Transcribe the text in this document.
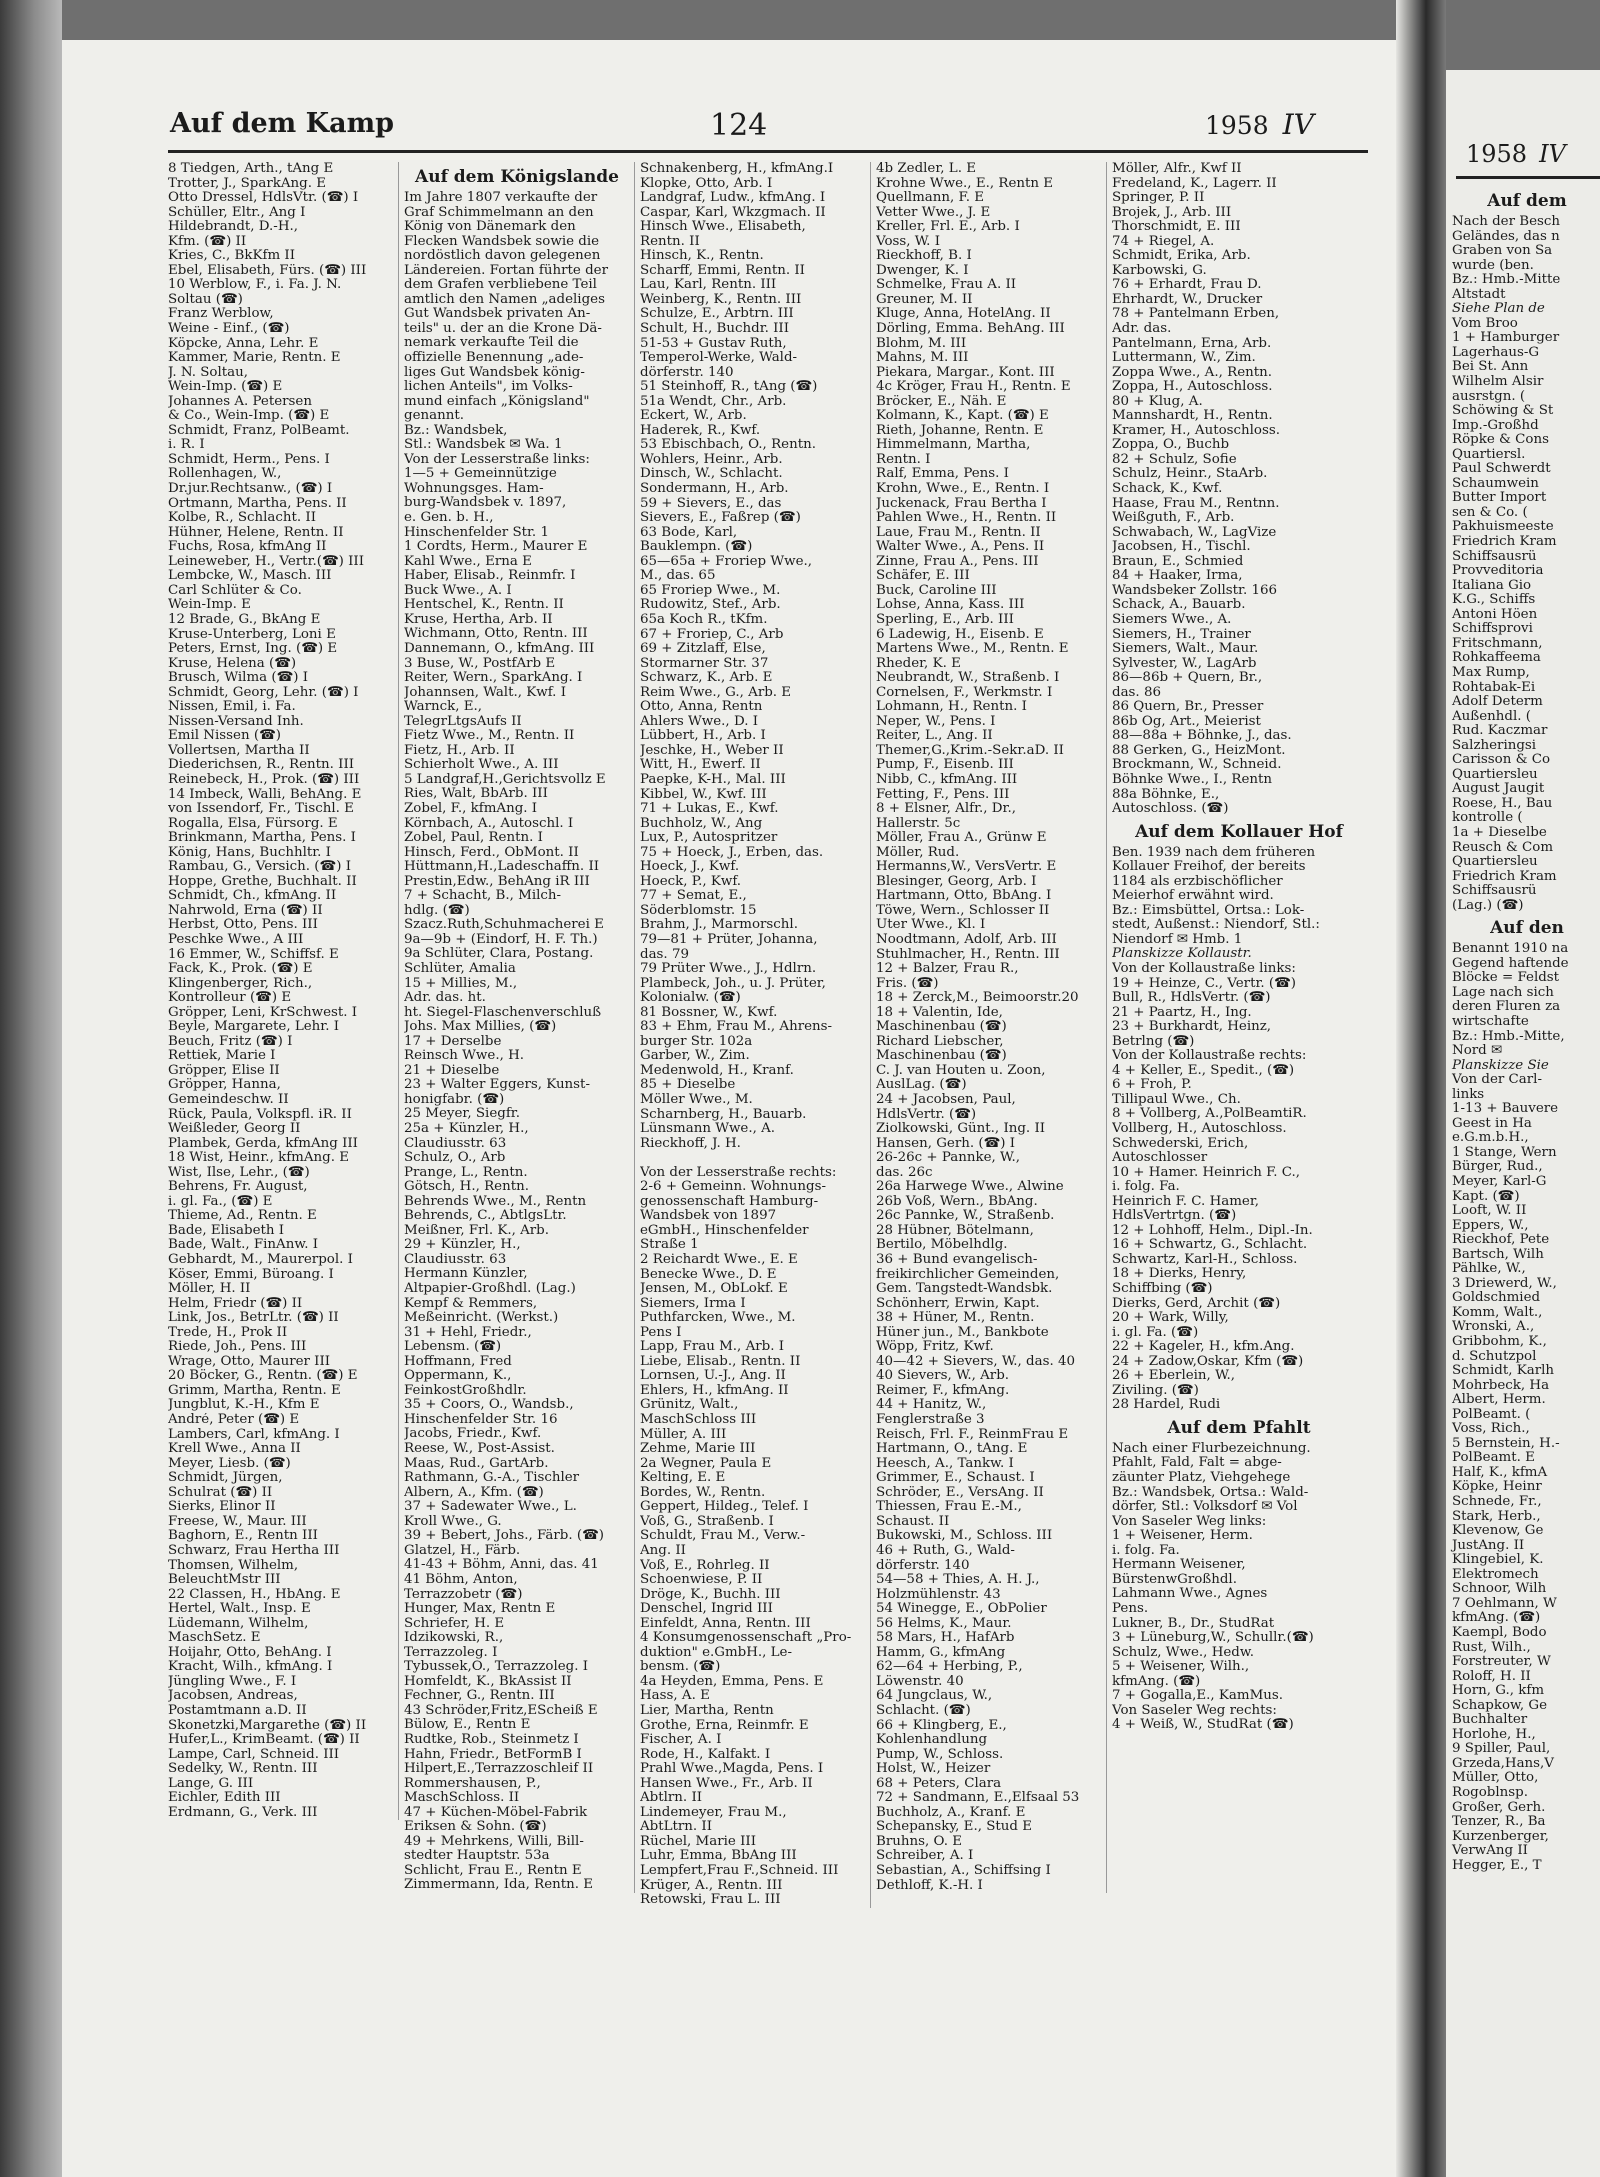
Auf dem Kamp	124	1958 IV
8 Tiedgen, Arth., tAng E
Trotter, J., SparkAng. E
Otto Dressel, HdlsVtr. (☎) I
Schüller, Eltr., Ang I
Hildebrandt, D.-H.,
Kfm. (☎) II
Kries, C., BkKfm II
Ebel, Elisabeth, Fürs. (☎) III
10 Werblow, F., i. Fa. J. N.
Soltau (☎)
Franz Werblow,
Weine - Einf., (☎)
Köpcke, Anna, Lehr. E
Kammer, Marie, Rentn. E
J. N. Soltau,
Wein-Imp. (☎) E
Johannes A. Petersen
& Co., Wein-Imp. (☎) E
Schmidt, Franz, PolBeamt.
i. R. I
Schmidt, Herm., Pens. I
Rollenhagen, W.,
Dr.jur.Rechtsanw., (☎) I
Ortmann, Martha, Pens. II
Kolbe, R., Schlacht. II
Hühner, Helene, Rentn. II
Fuchs, Rosa, kfmAng II
Leineweber, H., Vertr.(☎) III
Lembcke, W., Masch. III
Carl Schlüter & Co.
Wein-Imp. E
12 Brade, G., BkAng E
Kruse-Unterberg, Loni E
Peters, Ernst, Ing. (☎) E
Kruse, Helena (☎)
Brusch, Wilma (☎) I
Schmidt, Georg, Lehr. (☎) I
Nissen, Emil, i. Fa.
Nissen-Versand Inh.
Emil Nissen (☎)
Vollertsen, Martha II
Diederichsen, R., Rentn. III
Reinebeck, H., Prok. (☎) III
14 Imbeck, Walli, BehAng. E
von Issendorf, Fr., Tischl. E
Rogalla, Elsa, Fürsorg. E
Brinkmann, Martha, Pens. I
König, Hans, Buchhltr. I
Rambau, G., Versich. (☎) I
Hoppe, Grethe, Buchhalt. II
Schmidt, Ch., kfmAng. II
Nahrwold, Erna (☎) II
Herbst, Otto, Pens. III
Peschke Wwe., A III
16 Emmer, W., Schiffsf. E
Fack, K., Prok. (☎) E
Klingenberger, Rich.,
Kontrolleur (☎) E
Gröpper, Leni, KrSchwest. I
Beyle, Margarete, Lehr. I
Beuch, Fritz (☎) I
Rettiek, Marie I
Gröpper, Elise II
Gröpper, Hanna,
Gemeindeschw. II
Rück, Paula, Volkspfl. iR. II
Weißleder, Georg II
Plambek, Gerda, kfmAng III
18 Wist, Heinr., kfmAng. E
Wist, Ilse, Lehr., (☎)
Behrens, Fr. August,
i. gl. Fa., (☎) E
Thieme, Ad., Rentn. E
Bade, Elisabeth I
Bade, Walt., FinAnw. I
Gebhardt, M., Maurerpol. I
Köser, Emmi, Büroang. I
Möller, H. II
Helm, Friedr (☎) II
Link, Jos., BetrLtr. (☎) II
Trede, H., Prok II
Riede, Joh., Pens. III
Wrage, Otto, Maurer III
20 Böcker, G., Rentn. (☎) E
Grimm, Martha, Rentn. E
Jungblut, K.-H., Kfm E
André, Peter (☎) E
Lambers, Carl, kfmAng. I
Krell Wwe., Anna II
Meyer, Liesb. (☎)
Schmidt, Jürgen,
Schulrat (☎) II
Sierks, Elinor II
Freese, W., Maur. III
Baghorn, E., Rentn III
Schwarz, Frau Hertha III
Thomsen, Wilhelm,
BeleuchtMstr III
22 Classen, H., HbAng. E
Hertel, Walt., Insp. E
Lüdemann, Wilhelm,
MaschSetz. E
Hoijahr, Otto, BehAng. I
Kracht, Wilh., kfmAng. I
Jüngling Wwe., F. I
Jacobsen, Andreas,
Postamtmann a.D. II
Skonetzki,Margarethe (☎) II
Hufer,L., KrimBeamt. (☎) II
Lampe, Carl, Schneid. III
Sedelky, W., Rentn. III
Lange, G. III
Eichler, Edith III
Erdmann, G., Verk. III
Auf dem Königslande
Im Jahre 1807 verkaufte der
Graf Schimmelmann an den
König von Dänemark den
Flecken Wandsbek sowie die
nordöstlich davon gelegenen
Ländereien. Fortan führte der
dem Grafen verbliebene Teil
amtlich den Namen „adeliges
Gut Wandsbek privaten An-
teils" u. der an die Krone Dä-
nemark verkaufte Teil die
offizielle Benennung „ade-
liges Gut Wandsbek könig-
lichen Anteils", im Volks-
mund einfach „Königsland"
genannt.
Bz.: Wandsbek,
Stl.: Wandsbek ✉ Wa. 1
Von der Lesserstraße links:
1—5 + Gemeinnützige
Wohnungsges. Ham-
burg-Wandsbek v. 1897,
e. Gen. b. H.,
Hinschenfelder Str. 1
1 Cordts, Herm., Maurer E
Kahl Wwe., Erna E
Haber, Elisab., Reinmfr. I
Buck Wwe., A. I
Hentschel, K., Rentn. II
Kruse, Hertha, Arb. II
Wichmann, Otto, Rentn. III
Dannemann, O., kfmAng. III
3 Buse, W., PostfArb E
Reiter, Wern., SparkAng. I
Johannsen, Walt., Kwf. I
Warnck, E.,
TelegrLtgsAufs II
Fietz Wwe., M., Rentn. II
Fietz, H., Arb. II
Schierholt Wwe., A. III
5 Landgraf,H.,Gerichtsvollz E
Ries, Walt, BbArb. III
Zobel, F., kfmAng. I
Körnbach, A., Autoschl. I
Zobel, Paul, Rentn. I
Hinsch, Ferd., ObMont. II
Hüttmann,H.,Ladeschaffn. II
Prestin,Edw., BehAng iR III
7 + Schacht, B., Milch-
hdlg. (☎)
Szacz.Ruth,Schuhmacherei E
9a—9b + (Eindorf, H. F. Th.)
9a Schlüter, Clara, Postang.
Schlüter, Amalia
15 + Millies, M.,
Adr. das. ht.
ht. Siegel-Flaschenverschluß
Johs. Max Millies, (☎)
17 + Derselbe
Reinsch Wwe., H.
21 + Dieselbe
23 + Walter Eggers, Kunst-
honigfabr. (☎)
25 Meyer, Siegfr.
25a + Künzler, H.,
Claudiusstr. 63
Schulz, O., Arb
Prange, L., Rentn.
Götsch, H., Rentn.
Behrends Wwe., M., Rentn
Behrends, C., AbtlgsLtr.
Meißner, Frl. K., Arb.
29 + Künzler, H.,
Claudiusstr. 63
Hermann Künzler,
Altpapier-Großhdl. (Lag.)
Kempf & Remmers,
Meßeinricht. (Werkst.)
31 + Hehl, Friedr.,
Lebensm. (☎)
Hoffmann, Fred
Oppermann, K.,
FeinkostGroßhdlr.
35 + Coors, O., Wandsb.,
Hinschenfelder Str. 16
Jacobs, Friedr., Kwf.
Reese, W., Post-Assist.
Maas, Rud., GartArb.
Rathmann, G.-A., Tischler
Albern, A., Kfm. (☎)
37 + Sadewater Wwe., L.
Kroll Wwe., G.
39 + Bebert, Johs., Färb. (☎)
Glatzel, H., Färb.
41-43 + Böhm, Anni, das. 41
41 Böhm, Anton,
Terrazzobetr (☎)
Hunger, Max, Rentn E
Schriefer, H. E
Idzikowski, R.,
Terrazzoleg. I
Tybussek,O., Terrazzoleg. I
Homfeldt, K., BkAssist II
Fechner, G., Rentn. III
43 Schröder,Fritz,EScheiß E
Bülow, E., Rentn E
Rudtke, Rob., Steinmetz I
Hahn, Friedr., BetFormB I
Hilpert,E.,Terrazzoschleif II
Rommershausen, P.,
MaschSchloss. II
47 + Küchen-Möbel-Fabrik
Eriksen & Sohn. (☎)
49 + Mehrkens, Willi, Bill-
stedter Hauptstr. 53a
Schlicht, Frau E., Rentn E
Zimmermann, Ida, Rentn. E
Schnakenberg, H., kfmAng.I
Klopke, Otto, Arb. I
Landgraf, Ludw., kfmAng. I
Caspar, Karl, Wkzgmach. II
Hinsch Wwe., Elisabeth,
Rentn. II
Hinsch, K., Rentn.
Scharff, Emmi, Rentn. II
Lau, Karl, Rentn. III
Weinberg, K., Rentn. III
Schulze, E., Arbtrn. III
Schult, H., Buchdr. III
51-53 + Gustav Ruth,
Temperol-Werke, Wald-
dörferstr. 140
51 Steinhoff, R., tAng (☎)
51a Wendt, Chr., Arb.
Eckert, W., Arb.
Haderek, R., Kwf.
53 Ebischbach, O., Rentn.
Wohlers, Heinr., Arb.
Dinsch, W., Schlacht.
Sondermann, H., Arb.
59 + Sievers, E., das
Sievers, E., Faßrep (☎)
63 Bode, Karl,
Bauklempn. (☎)
65—65a + Froriep Wwe.,
M., das. 65
65 Froriep Wwe., M.
Rudowitz, Stef., Arb.
65a Koch R., tKfm.
67 + Froriep, C., Arb
69 + Zitzlaff, Else,
Stormarner Str. 37
Schwarz, K., Arb. E
Reim Wwe., G., Arb. E
Otto, Anna, Rentn
Ahlers Wwe., D. I
Lübbert, H., Arb. I
Jeschke, H., Weber II
Witt, H., Ewerf. II
Paepke, K-H., Mal. III
Kibbel, W., Kwf. III
71 + Lukas, E., Kwf.
Buchholz, W., Ang
Lux, P., Autospritzer
75 + Hoeck, J., Erben, das.
Hoeck, J., Kwf.
Hoeck, P., Kwf.
77 + Semat, E.,
Söderblomstr. 15
Brahm, J., Marmorschl.
79—81 + Prüter, Johanna,
das. 79
79 Prüter Wwe., J., Hdlrn.
Plambeck, Joh., u. J. Prüter,
Kolonialw. (☎)
81 Bossner, W., Kwf.
83 + Ehm, Frau M., Ahrens-
burger Str. 102a
Garber, W., Zim.
Medenwold, H., Kranf.
85 + Dieselbe
Möller Wwe., M.
Scharnberg, H., Bauarb.
Lünsmann Wwe., A.
Rieckhoff, J. H.

Von der Lesserstraße rechts:
2-6 + Gemeinn. Wohnungs-
genossenschaft Hamburg-
Wandsbek von 1897
eGmbH., Hinschenfelder
Straße 1
2 Reichardt Wwe., E. E
Benecke Wwe., D. E
Jensen, M., ObLokf. E
Siemers, Irma I
Puthfarcken, Wwe., M.
Pens I
Lapp, Frau M., Arb. I
Liebe, Elisab., Rentn. II
Lornsen, U.-J., Ang. II
Ehlers, H., kfmAng. II
Grünitz, Walt.,
MaschSchloss III
Müller, A. III
Zehme, Marie III
2a Wegner, Paula E
Kelting, E. E
Bordes, W., Rentn.
Geppert, Hildeg., Telef. I
Voß, G., Straßenb. I
Schuldt, Frau M., Verw.-
Ang. II
Voß, E., Rohrleg. II
Schoenwiese, P. II
Dröge, K., Buchh. III
Denschel, Ingrid III
Einfeldt, Anna, Rentn. III
4 Konsumgenossenschaft „Pro-
duktion" e.GmbH., Le-
bensm. (☎)
4a Heyden, Emma, Pens. E
Hass, A. E
Lier, Martha, Rentn
Grothe, Erna, Reinmfr. E
Fischer, A. I
Rode, H., Kalfakt. I
Prahl Wwe.,Magda, Pens. I
Hansen Wwe., Fr., Arb. II
Abtlrn. II
Lindemeyer, Frau M.,
AbtLtrn. II
Rüchel, Marie III
Luhr, Emma, BbAng III
Lempfert,Frau F.,Schneid. III
Krüger, A., Rentn. III
Retowski, Frau L. III
4b Zedler, L. E
Krohne Wwe., E., Rentn E
Quellmann, F. E
Vetter Wwe., J. E
Kreller, Frl. E., Arb. I
Voss, W. I
Rieckhoff, B. I
Dwenger, K. I
Schmelke, Frau A. II
Greuner, M. II
Kluge, Anna, HotelAng. II
Dörling, Emma. BehAng. III
Blohm, M. III
Mahns, M. III
Piekara, Margar., Kont. III
4c Kröger, Frau H., Rentn. E
Bröcker, E., Näh. E
Kolmann, K., Kapt. (☎) E
Rieth, Johanne, Rentn. E
Himmelmann, Martha,
Rentn. I
Ralf, Emma, Pens. I
Krohn, Wwe., E., Rentn. I
Juckenack, Frau Bertha I
Pahlen Wwe., H., Rentn. II
Laue, Frau M., Rentn. II
Walter Wwe., A., Pens. II
Zinne, Frau A., Pens. III
Schäfer, E. III
Buck, Caroline III
Lohse, Anna, Kass. III
Sperling, E., Arb. III
6 Ladewig, H., Eisenb. E
Martens Wwe., M., Rentn. E
Rheder, K. E
Neubrandt, W., Straßenb. I
Cornelsen, F., Werkmstr. I
Lohmann, H., Rentn. I
Neper, W., Pens. I
Reiter, L., Ang. II
Themer,G.,Krim.-Sekr.aD. II
Pump, F., Eisenb. III
Nibb, C., kfmAng. III
Fetting, F., Pens. III
8 + Elsner, Alfr., Dr.,
Hallerstr. 5c
Möller, Frau A., Grünw E
Möller, Rud.
Hermanns,W., VersVertr. E
Blesinger, Georg, Arb. I
Hartmann, Otto, BbAng. I
Töwe, Wern., Schlosser II
Uter Wwe., Kl. I
Noodtmann, Adolf, Arb. III
Stuhlmacher, H., Rentn. III
12 + Balzer, Frau R.,
Fris. (☎)
18 + Zerck,M., Beimoorstr.20
18 + Valentin, Ide,
Maschinenbau (☎)
Richard Liebscher,
Maschinenbau (☎)
C. J. van Houten u. Zoon,
AuslLag. (☎)
24 + Jacobsen, Paul,
HdlsVertr. (☎)
Ziolkowski, Günt., Ing. II
Hansen, Gerh. (☎) I
26-26c + Pannke, W.,
das. 26c
26a Harwege Wwe., Alwine
26b Voß, Wern., BbAng.
26c Pannke, W., Straßenb.
28 Hübner, Bötelmann,
Bertilo, Möbelhdlg.
36 + Bund evangelisch-
freikirchlicher Gemeinden,
Gem. Tangstedt-Wandsbk.
Schönherr, Erwin, Kapt.
38 + Hüner, M., Rentn.
Hüner jun., M., Bankbote
Wöpp, Fritz, Kwf.
40—42 + Sievers, W., das. 40
40 Sievers, W., Arb.
Reimer, F., kfmAng.
44 + Hanitz, W.,
Fenglerstraße 3
Reisch, Frl. F., ReinmFrau E
Hartmann, O., tAng. E
Heesch, A., Tankw. I
Grimmer, E., Schaust. I
Schröder, E., VersAng. II
Thiessen, Frau E.-M.,
Schaust. II
Bukowski, M., Schloss. III
46 + Ruth, G., Wald-
dörferstr. 140
54—58 + Thies, A. H. J.,
Holzmühlenstr. 43
54 Winegge, E., ObPolier
56 Helms, K., Maur.
58 Mars, H., HafArb
Hamm, G., kfmAng
62—64 + Herbing, P.,
Löwenstr. 40
64 Jungclaus, W.,
Schlacht. (☎)
66 + Klingberg, E.,
Kohlenhandlung
Pump, W., Schloss.
Holst, W., Heizer
68 + Peters, Clara
72 + Sandmann, E.,Elfsaal 53
Buchholz, A., Kranf. E
Schepansky, E., Stud E
Bruhns, O. E
Schreiber, A. I
Sebastian, A., Schiffsing I
Dethloff, K.-H. I
Möller, Alfr., Kwf II
Fredeland, K., Lagerr. II
Springer, P. II
Brojek, J., Arb. III
Thorschmidt, E. III
74 + Riegel, A.
Schmidt, Erika, Arb.
Karbowski, G.
76 + Erhardt, Frau D.
Ehrhardt, W., Drucker
78 + Pantelmann Erben,
Adr. das.
Pantelmann, Erna, Arb.
Luttermann, W., Zim.
Zoppa Wwe., A., Rentn.
Zoppa, H., Autoschloss.
80 + Klug, A.
Mannshardt, H., Rentn.
Kramer, H., Autoschloss.
Zoppa, O., Buchb
82 + Schulz, Sofie
Schulz, Heinr., StaArb.
Schack, K., Kwf.
Haase, Frau M., Rentnn.
Weißguth, F., Arb.
Schwabach, W., LagVize
Jacobsen, H., Tischl.
Braun, E., Schmied
84 + Haaker, Irma,
Wandsbeker Zollstr. 166
Schack, A., Bauarb.
Siemers Wwe., A.
Siemers, H., Trainer
Siemers, Walt., Maur.
Sylvester, W., LagArb
86—86b + Quern, Br.,
das. 86
86 Quern, Br., Presser
86b Og, Art., Meierist
88—88a + Böhnke, J., das.
88 Gerken, G., HeizMont.
Brockmann, W., Schneid.
Böhnke Wwe., I., Rentn
88a Böhnke, E.,
Autoschloss. (☎)
Auf dem Kollauer Hof
Ben. 1939 nach dem früheren
Kollauer Freihof, der bereits
1184 als erzbischöflicher
Meierhof erwähnt wird.
Bz.: Eimsbüttel, Ortsa.: Lok-
stedt, Außenst.: Niendorf, Stl.:
Niendorf ✉ Hmb. 1
Planskizze Kollaustr.
Von der Kollaustraße links:
19 + Heinze, C., Vertr. (☎)
Bull, R., HdlsVertr. (☎)
21 + Paartz, H., Ing.
23 + Burkhardt, Heinz,
Betrlng (☎)
Von der Kollaustraße rechts:
4 + Keller, E., Spedit., (☎)
6 + Froh, P.
Tillipaul Wwe., Ch.
8 + Vollberg, A.,PolBeamtiR.
Vollberg, H., Autoschloss.
Schwederski, Erich,
Autoschlosser
10 + Hamer. Heinrich F. C.,
i. folg. Fa.
Heinrich F. C. Hamer,
HdlsVertrtgn. (☎)
12 + Lohhoff, Helm., Dipl.-In.
16 + Schwartz, G., Schlacht.
Schwartz, Karl-H., Schloss.
18 + Dierks, Henry,
Schiffbing (☎)
Dierks, Gerd, Archit (☎)
20 + Wark, Willy,
i. gl. Fa. (☎)
22 + Kageler, H., kfm.Ang.
24 + Zadow,Oskar, Kfm (☎)
26 + Eberlein, W.,
Ziviling. (☎)
28 Hardel, Rudi
Auf dem Pfahlt
Nach einer Flurbezeichnung.
Pfahlt, Fald, Falt = abge-
zäunter Platz, Viehgehege
Bz.: Wandsbek, Ortsa.: Wald-
dörfer, Stl.: Volksdorf ✉ Vol
Von Saseler Weg links:
1 + Weisener, Herm.
i. folg. Fa.
Hermann Weisener,
BürstenwGroßhdl.
Lahmann Wwe., Agnes
Pens.
Lukner, B., Dr., StudRat
3 + Lüneburg,W., Schullr.(☎)
Schulz, Wwe., Hedw.
5 + Weisener, Wilh.,
kfmAng. (☎)
7 + Gogalla,E., KamMus.
Von Saseler Weg rechts:
4 + Weiß, W., StudRat (☎)
1958 IV
Auf dem
Nach der Besch
Geländes, das n
Graben von Sa
wurde (ben.
Bz.: Hmb.-Mitte
Altstadt
Siehe Plan de
Vom Broo
1 + Hamburger
Lagerhaus-G
Bei St. Ann
Wilhelm Alsir
ausrstgn. (
Schöwing & St
Imp.-Großhd
Röpke & Cons
Quartiersl.
Paul Schwerdt
Schaumwein
Butter Import
sen & Co. (
Pakhuismeeste
Friedrich Kram
Schiffsausrü
Provveditoria
Italiana Gio
K.G., Schiffs
Antoni Höen
Schiffsprovi
Fritschmann,
Rohkaffeema
Max Rump,
Rohtabak-Ei
Adolf Determ
Außenhdl. (
Rud. Kaczmar
Salzheringsi
Carisson & Co
Quartiersleu
August Jaugit
Roese, H., Bau
kontrolle (
1a + Dieselbe
Reusch & Com
Quartiersleu
Friedrich Kram
Schiffsausrü
(Lag.) (☎)
Auf den
Benannt 1910 na
Gegend haftende
Blöcke = Feldst
Lage nach sich
deren Fluren za
wirtschafte
Bz.: Hmb.-Mitte,
Nord ✉
Planskizze Sie
Von der Carl-
links
1-13 + Bauvere
Geest in Ha
e.G.m.b.H.,
1 Stange, Wern
Bürger, Rud.,
Meyer, Karl-G
Kapt. (☎)
Looft, W. II
Eppers, W.,
Rieckhof, Pete
Bartsch, Wilh
Pählke, W.,
3 Driewerd, W.,
Goldschmied
Komm, Walt.,
Wronski, A.,
Gribbohm, K.,
d. Schutzpol
Schmidt, Karlh
Mohrbeck, Ha
Albert, Herm.
PolBeamt. (
Voss, Rich.,
5 Bernstein, H.-
PolBeamt. E
Half, K., kfmA
Köpke, Heinr
Schnede, Fr.,
Stark, Herb.,
Klevenow, Ge
JustAng. II
Klingebiel, K.
Elektromech
Schnoor, Wilh
7 Oehlmann, W
kfmAng. (☎)
Kaempl, Bodo
Rust, Wilh.,
Forstreuter, W
Roloff, H. II
Horn, G., kfm
Schapkow, Ge
Buchhalter
Horlohe, H.,
9 Spiller, Paul,
Grzeda,Hans,V
Müller, Otto,
Rogoblnsp.
Großer, Gerh.
Tenzer, R., Ba
Kurzenberger,
VerwAng II
Hegger, E., T
